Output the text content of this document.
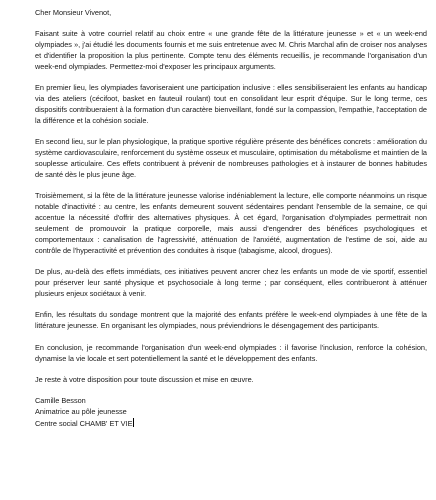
Cher Monsieur Vivenot,

Faisant suite à votre courriel relatif au choix entre « une grande fête de la littérature jeunesse » et « un week-end olympiades », j'ai étudié les documents fournis et me suis entretenue avec M. Chris Marchal afin de croiser nos analyses et d'identifier la proposition la plus pertinente. Compte tenu des éléments recueillis, je recommande l'organisation d'un week-end olympiades. Permettez-moi d'exposer les principaux arguments.

En premier lieu, les olympiades favoriseraient une participation inclusive : elles sensibiliseraient les enfants au handicap via des ateliers (cécifoot, basket en fauteuil roulant) tout en consolidant leur esprit d'équipe. Sur le long terme, ces dispositifs contribueraient à la formation d'un caractère bienveillant, fondé sur la compassion, l'empathie, l'acceptation de la différence et la cohésion sociale.

En second lieu, sur le plan physiologique, la pratique sportive régulière présente des bénéfices concrets : amélioration du système cardiovasculaire, renforcement du système osseux et musculaire, optimisation du métabolisme et maintien de la souplesse articulaire. Ces effets contribuent à prévenir de nombreuses pathologies et à instaurer de bonnes habitudes de santé dès le plus jeune âge.

Troisièmement, si la fête de la littérature jeunesse valorise indéniablement la lecture, elle comporte néanmoins un risque notable d'inactivité : au centre, les enfants demeurent souvent sédentaires pendant l'ensemble de la semaine, ce qui accentue la nécessité d'offrir des alternatives physiques. À cet égard, l'organisation d'olympiades permettrait non seulement de promouvoir la pratique corporelle, mais aussi d'engendrer des bénéfices psychologiques et comportementaux : canalisation de l'agressivité, atténuation de l'anxiété, augmentation de l'estime de soi, aide au contrôle de l'hyperactivité et prévention des conduites à risque (tabagisme, alcool, drogues).

De plus, au-delà des effets immédiats, ces initiatives peuvent ancrer chez les enfants un mode de vie sportif, essentiel pour préserver leur santé physique et psychosociale à long terme ; par conséquent, elles contribueront à atténuer plusieurs enjeux sociétaux à venir.

Enfin, les résultats du sondage montrent que la majorité des enfants préfère le week-end olympiades à une fête de la littérature jeunesse. En organisant les olympiades, nous préviendrions le désengagement des participants.

En conclusion, je recommande l'organisation d'un week-end olympiades : il favorise l'inclusion, renforce la cohésion, dynamise la vie locale et sert potentiellement la santé et le développement des enfants.

Je reste à votre disposition pour toute discussion et mise en œuvre.

Camille Besson
Animatrice au pôle jeunesse
Centre social CHAMB' ET VIE
